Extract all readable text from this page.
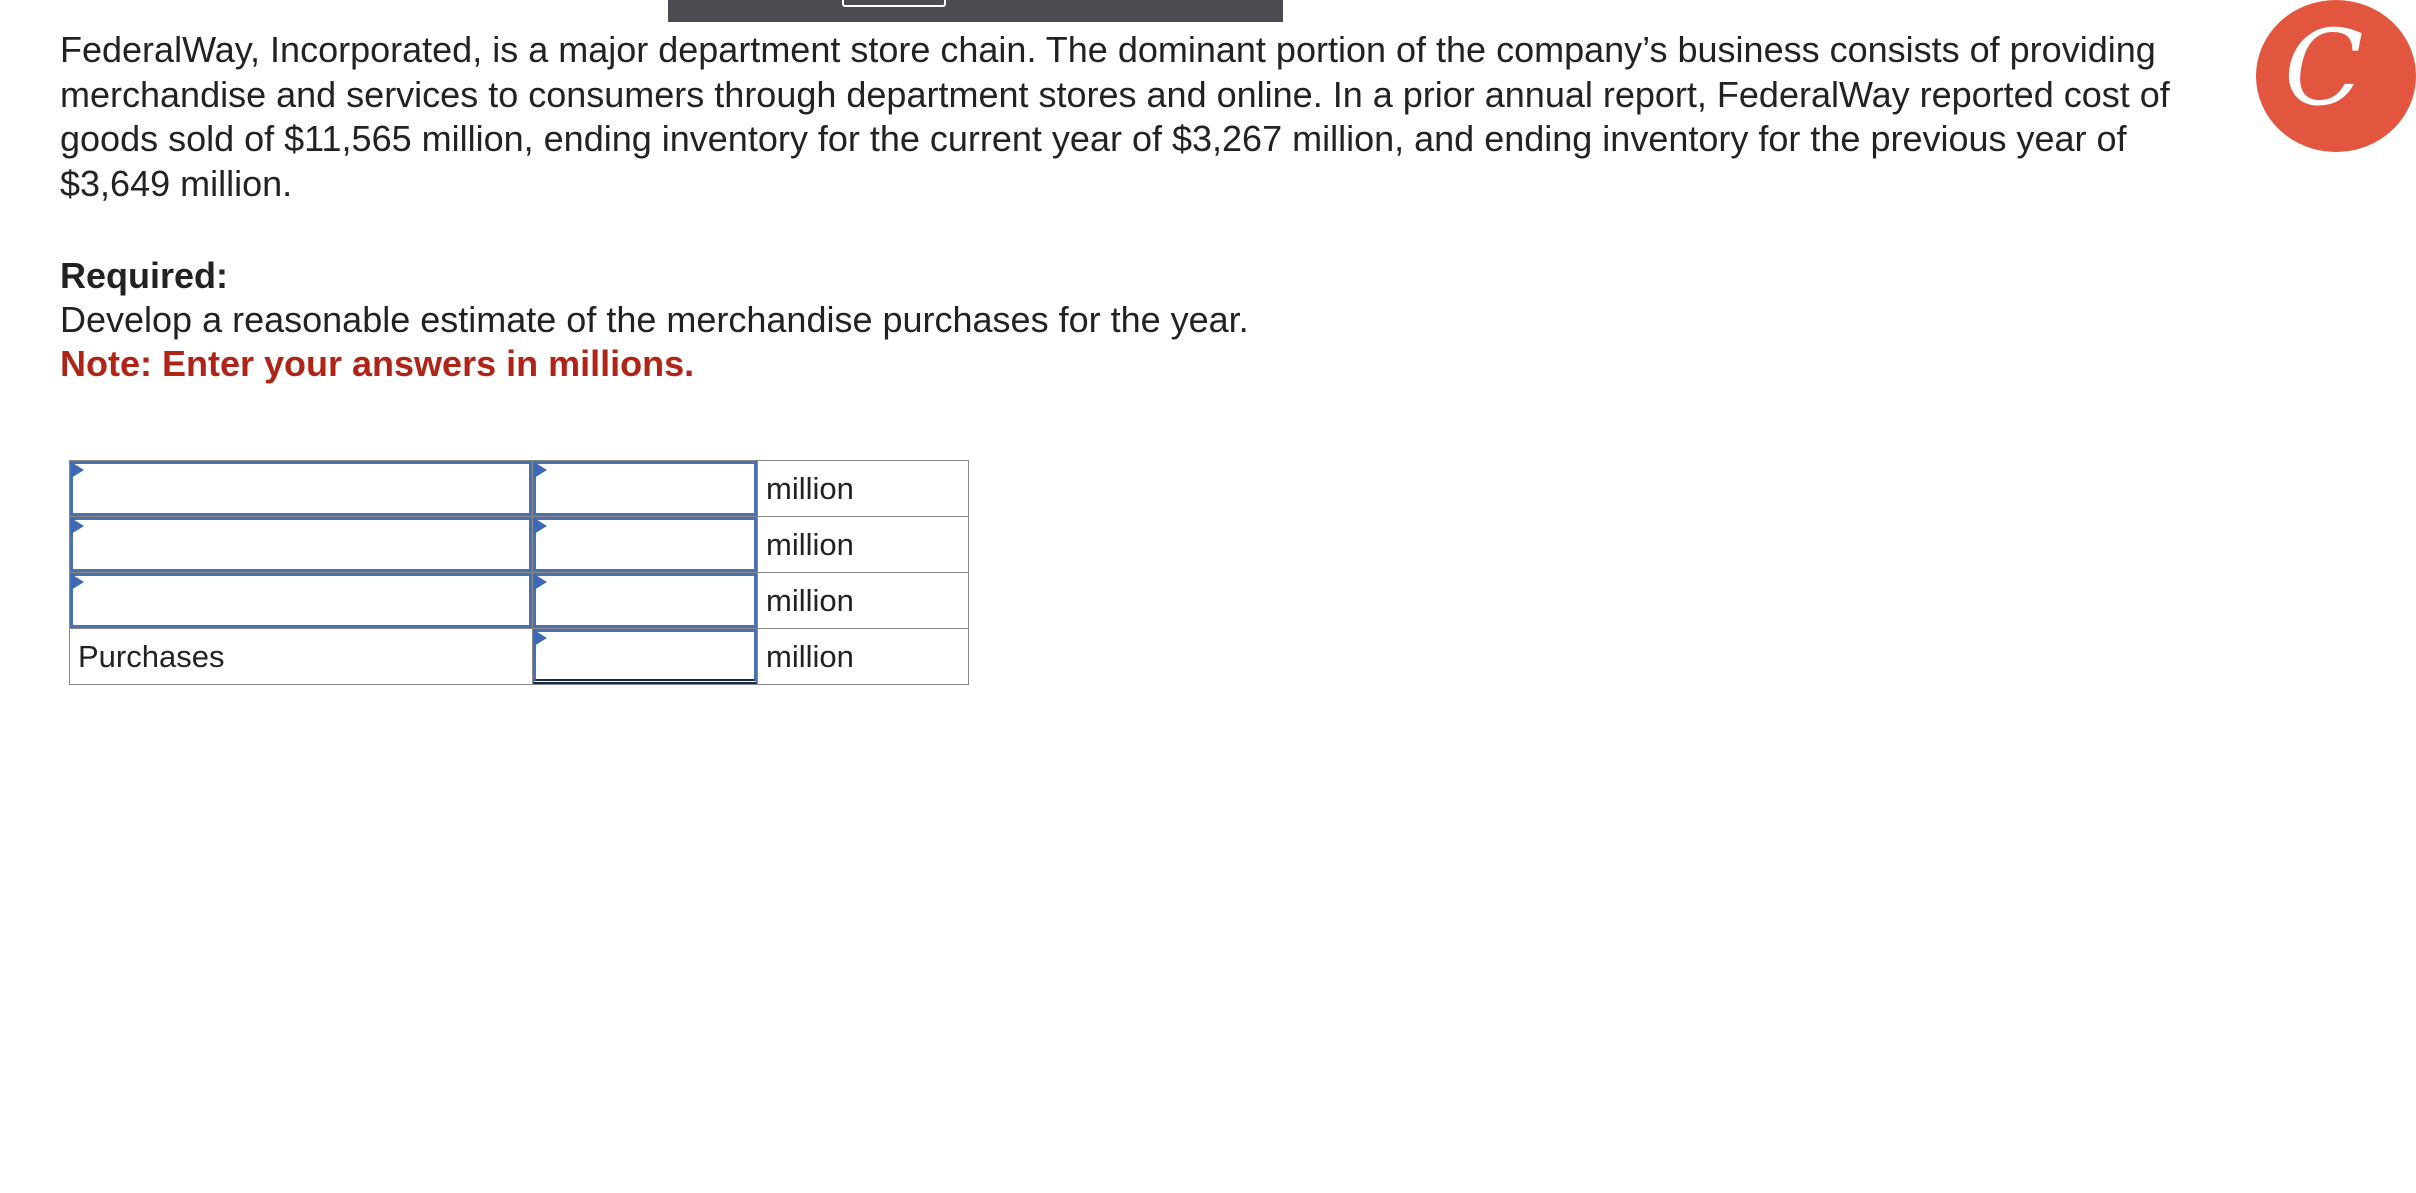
C

FederalWay, Incorporated, is a major department store chain. The dominant portion of the company’s business consists of providing merchandise and services to consumers through department stores and online. In a prior annual report, FederalWay reported cost of goods sold of $11,565 million, ending inventory for the current year of $3,267 million, and ending inventory for the previous year of $3,649 million.

Required:
Develop a reasonable estimate of the merchandise purchases for the year.
Note: Enter your answers in millions.

million

million

million

Purchases		million
